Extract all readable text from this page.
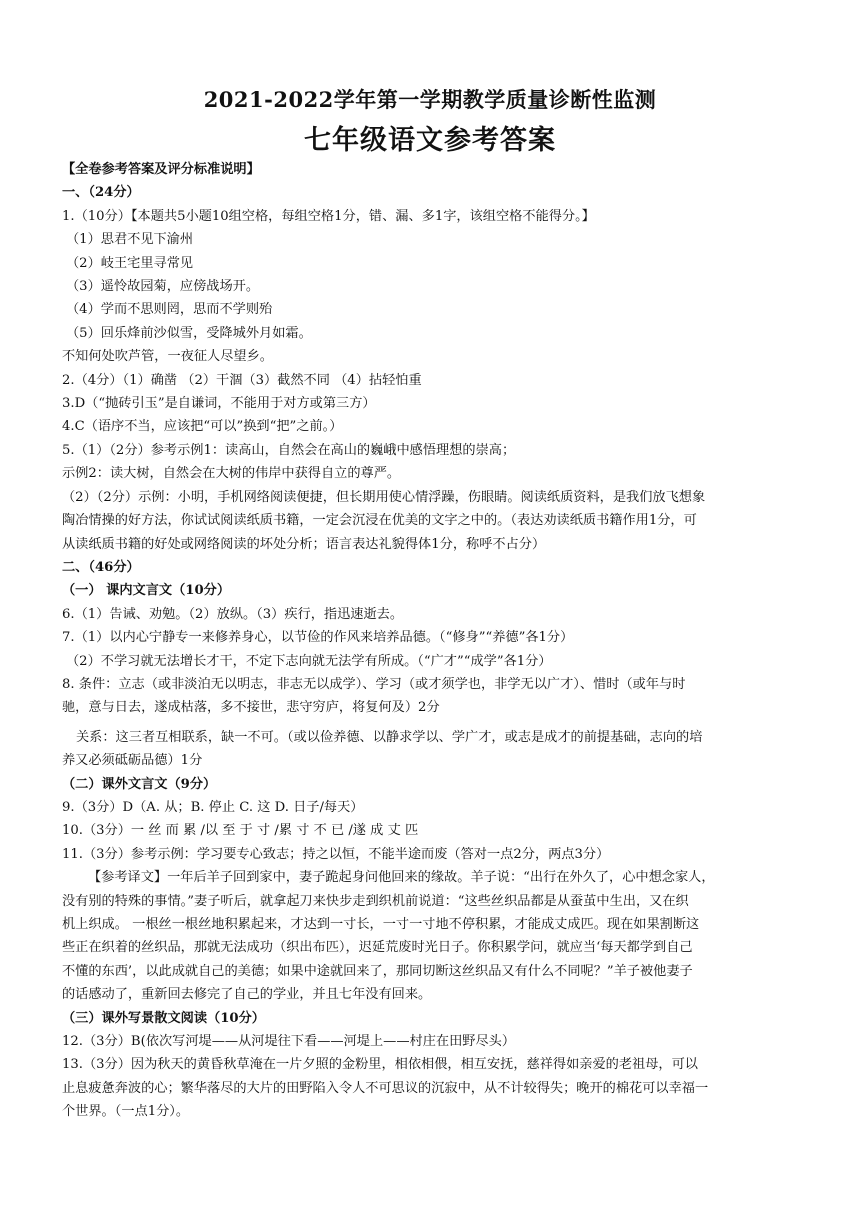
2021-2022学年第一学期教学质量诊断性监测
七年级语文参考答案
【全卷参考答案及评分标准说明】
一、（24分）
1.（10分）【本题共5小题10组空格，每组空格1分，错、漏、多1字，该组空格不能得分。】
（1）思君不见下渝州
（2）岐王宅里寻常见
（3）遥怜故园菊，应傍战场开。
（4）学而不思则罔，思而不学则殆
（5）回乐烽前沙似雪，受降城外月如霜。
不知何处吹芦管，一夜征人尽望乡。
2.（4分）（1）确凿 （2）干涸（3）截然不同 （4）拈轻怕重
3.D（“抛砖引玉”是自谦词，不能用于对方或第三方）
4.C（语序不当，应该把“可以”换到“把”之前。）
5.（1）（2分）参考示例1：读高山，自然会在高山的巍峨中感悟理想的崇高；
示例2：读大树，自然会在大树的伟岸中获得自立的尊严。
（2）（2分）示例：小明，手机网络阅读便捷，但长期用使心情浮躁，伤眼睛。阅读纸质资料，是我们放飞想象
陶冶情操的好方法，你试试阅读纸质书籍，一定会沉浸在优美的文字之中的。（表达劝读纸质书籍作用1分，可
从读纸质书籍的好处或网络阅读的坏处分析；语言表达礼貌得体1分，称呼不占分）
二、（46分）
（一） 课内文言文（10分）
6.（1）告诫、劝勉。（2）放纵。（3）疾行，指迅速逝去。
7.（1）以内心宁静专一来修养身心，以节俭的作风来培养品德。（“修身”“养德”各1分）
（2）不学习就无法增长才干，不定下志向就无法学有所成。（“广才”“成学”各1分）
8. 条件：立志（或非淡泊无以明志，非志无以成学）、学习（或才须学也，非学无以广才）、惜时（或年与时
驰，意与日去，遂成枯落，多不接世，悲守穷庐，将复何及）2分
关系：这三者互相联系，缺一不可。（或以俭养德、以静求学以、学广才，或志是成才的前提基础，志向的培
养又必须砥砺品德）1分
（二）课外文言文（9分）
9.（3分）D（A. 从；B. 停止 C. 这 D. 日子/每天）
10.（3分）一 丝 而 累 /以 至 于 寸 /累 寸 不 已 /遂 成 丈 匹
11.（3分）参考示例：学习要专心致志；持之以恒，不能半途而废（答对一点2分，两点3分）
【参考译文】一年后羊子回到家中，妻子跪起身问他回来的缘故。羊子说：“出行在外久了，心中想念家人，
没有别的特殊的事情。”妻子听后，就拿起刀来快步走到织机前说道：“这些丝织品都是从蚕茧中生出，又在织
机上织成。 一根丝一根丝地积累起来，才达到一寸长，一寸一寸地不停积累，才能成丈成匹。现在如果割断这
些正在织着的丝织品，那就无法成功（织出布匹），迟延荒废时光日子。你积累学问，就应当‘每天都学到自己
不懂的东西’，以此成就自己的美德；如果中途就回来了，那同切断这丝织品又有什么不同呢？”羊子被他妻子
的话感动了，重新回去修完了自己的学业，并且七年没有回来。
（三）课外写景散文阅读（10分）
12.（3分）B(依次写河堤——从河堤往下看——河堤上——村庄在田野尽头）
13.（3分）因为秋天的黄昏秋草淹在一片夕照的金粉里，相依相偎，相互安抚，慈祥得如亲爱的老祖母，可以
止息疲惫奔波的心；繁华落尽的大片的田野陷入令人不可思议的沉寂中，从不计较得失；晚开的棉花可以幸福一
个世界。（一点1分）。
